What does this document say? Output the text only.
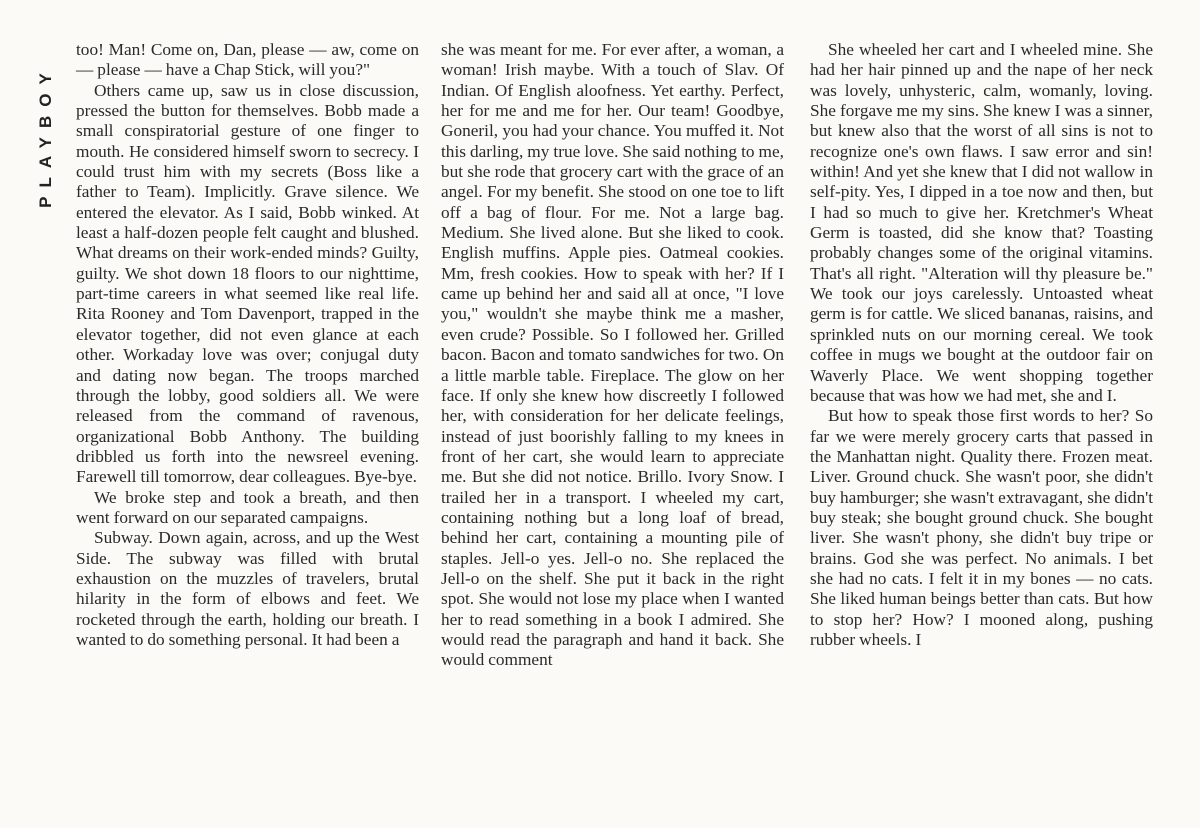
PLAYBOY

too! Man! Come on, Dan, please — aw, come on — please — have a Chap Stick, will you?"

Others came up, saw us in close discussion, pressed the button for themselves. Bobb made a small conspiratorial gesture of one finger to mouth. He considered himself sworn to secrecy. I could trust him with my secrets (Boss like a father to Team). Implicitly. Grave silence. We entered the elevator. As I said, Bobb winked. At least a half-dozen people felt caught and blushed. What dreams on their work-ended minds? Guilty, guilty. We shot down 18 floors to our nighttime, part-time careers in what seemed like real life. Rita Rooney and Tom Davenport, trapped in the elevator together, did not even glance at each other. Workaday love was over; conjugal duty and dating now began. The troops marched through the lobby, good soldiers all. We were released from the command of ravenous, organizational Bobb Anthony. The building dribbled us forth into the newsreel evening. Farewell till tomorrow, dear colleagues. Bye-bye.

We broke step and took a breath, and then went forward on our separated campaigns.

Subway. Down again, across, and up the West Side. The subway was filled with brutal exhaustion on the muzzles of travelers, brutal hilarity in the form of elbows and feet. We rocketed through the earth, holding our breath. I wanted to do something personal. It had been a

she was meant for me. For ever after, a woman, a woman! Irish maybe. With a touch of Slav. Of Indian. Of English aloofness. Yet earthy. Perfect, her for me and me for her. Our team! Goodbye, Goneril, you had your chance. You muffed it. Not this darling, my true love. She said nothing to me, but she rode that grocery cart with the grace of an angel. For my benefit. She stood on one toe to lift off a bag of flour. For me. Not a large bag. Medium. She lived alone. But she liked to cook. English muffins. Apple pies. Oatmeal cookies. Mm, fresh cookies. How to speak with her? If I came up behind her and said all at once, "I love you," wouldn't she maybe think me a masher, even crude? Possible. So I followed her. Grilled bacon. Bacon and tomato sandwiches for two. On a little marble table. Fireplace. The glow on her face. If only she knew how discreetly I followed her, with consideration for her delicate feelings, instead of just boorishly falling to my knees in front of her cart, she would learn to appreciate me. But she did not notice. Brillo. Ivory Snow. I trailed her in a transport. I wheeled my cart, containing nothing but a long loaf of bread, behind her cart, containing a mounting pile of staples. Jell-o yes. Jell-o no. She replaced the Jell-o on the shelf. She put it back in the right spot. She would not lose my place when I wanted her to read something in a book I admired. She would read the paragraph and hand it back. She would comment

She wheeled her cart and I wheeled mine. She had her hair pinned up and the nape of her neck was lovely, unhysteric, calm, womanly, loving. She forgave me my sins. She knew I was a sinner, but knew also that the worst of all sins is not to recognize one's own flaws. I saw error and sin! within! And yet she knew that I did not wallow in self-pity. Yes, I dipped in a toe now and then, but I had so much to give her. Kretchmer's Wheat Germ is toasted, did she know that? Toasting probably changes some of the original vitamins. That's all right. "Alteration will thy pleasure be." We took our joys carelessly. Untoasted wheat germ is for cattle. We sliced bananas, raisins, and sprinkled nuts on our morning cereal. We took coffee in mugs we bought at the outdoor fair on Waverly Place. We went shopping together because that was how we had met, she and I.

But how to speak those first words to her? So far we were merely grocery carts that passed in the Manhattan night. Quality there. Frozen meat. Liver. Ground chuck. She wasn't poor, she didn't buy hamburger; she wasn't extravagant, she didn't buy steak; she bought ground chuck. She bought liver. She wasn't phony, she didn't buy tripe or brains. God she was perfect. No animals. I bet she had no cats. I felt it in my bones — no cats. She liked human beings better than cats. But how to stop her? How? I mooned along, pushing rubber wheels. I
